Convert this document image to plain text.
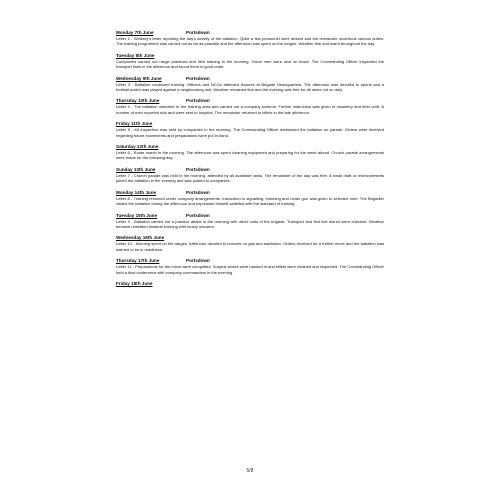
Monday 7th June	Portsdown
Letter 2 - Whitney's letter reporting the day's activity of the battalion. Quite a few personnel were absent and the remainder undertook various duties. The training programme was carried out as far as possible and the afternoon was spent on the ranges. Weather fine and warm throughout the day.
Tuesday 8th June
Companies carried out range practices and field training in the morning. Some men were sent on leave. The Commanding Officer inspected the transport lines in the afternoon and found them in good order.
Wednesday 9th June	Portsdown
Letter 3 - Battalion continued training. Officers and NCOs attended lectures at Brigade Headquarters. The afternoon was devoted to sports and a football match was played against a neighbouring unit. Weather remained fine and the evening was free for all ranks not on duty.
Thursday 10th June	Portsdown
Letter 4 - The battalion marched to the training area and carried out a company scheme. Further instruction was given in musketry and field craft. A number of men reported sick and were sent to hospital. The remainder returned to billets in the late afternoon.
Friday 11th June
Letter 5 - Kit inspection was held by companies in the morning. The Commanding Officer addressed the battalion on parade. Orders were received regarding future movements and preparations were put in hand.
Saturday 12th June
Letter 6 - Route march in the morning. The afternoon was spent cleaning equipment and preparing for the week ahead. Church parade arrangements were made for the following day.
Sunday 13th June	Portsdown
Letter 7 - Church parade was held in the morning, attended by all available ranks. The remainder of the day was free. A small draft of reinforcements joined the battalion in the evening and was posted to companies.
Monday 14th June	Portsdown
Letter 8 - Training resumed under company arrangements. Instruction in signalling, bombing and Lewis gun was given to selected men. The Brigadier visited the battalion during the afternoon and expressed himself satisfied with the standard of training.
Tuesday 15th June	Portsdown
Letter 9 - Battalion carried out a practice attack in the morning with other units of the brigade. Transport and first line stores were checked. Weather became unsettled towards evening with heavy showers.
Wednesday 16th June
Letter 10 - Morning spent on the ranges. Afternoon devoted to lectures on gas and sanitation. Orders received for a further move and the battalion was warned to be in readiness.
Thursday 17th June	Portsdown
Letter 11 - Preparations for the move were completed. Surplus stores were handed in and billets were cleaned and inspected. The Commanding Officer held a final conference with company commanders in the evening.
Friday 18th June
5/8
